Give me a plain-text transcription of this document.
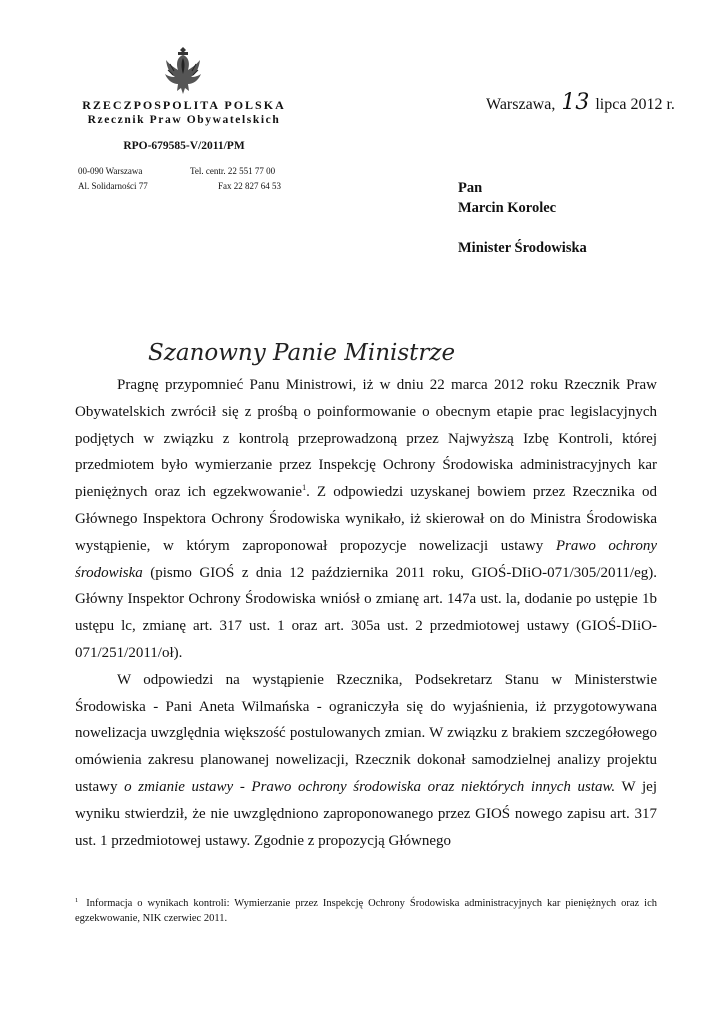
RZECZPOSPOLITA POLSKA
Rzecznik Praw Obywatelskich
RPO-679585-V/2011/PM
00-090 Warszawa
Al. Solidarności 77
Tel. centr. 22 551 77 00
Fax 22 827 64 53
Warszawa, 13 lipca 2012 r.
Pan
Marcin Korolec
Minister Środowiska
Szanowny Panie Ministrze

Pragnę przypomnieć Panu Ministrowi, iż w dniu 22 marca 2012 roku Rzecznik Praw Obywatelskich zwrócił się z prośbą o poinformowanie o obecnym etapie prac legislacyjnych podjętych w związku z kontrolą przeprowadzoną przez Najwyższą Izbę Kontroli, której przedmiotem było wymierzanie przez Inspekcję Ochrony Środowiska administracyjnych kar pieniężnych oraz ich egzekwowanie$^1$. Z odpowiedzi uzyskanej bowiem przez Rzecznika od Głównego Inspektora Ochrony Środowiska wynikało, iż skierował on do Ministra Środowiska wystąpienie, w którym zaproponował propozycje nowelizacji ustawy Prawo ochrony środowiska (pismo GIOŚ z dnia 12 października 2011 roku, GIOŚ-DIiO-071/305/2011/eg). Główny Inspektor Ochrony Środowiska wniósł o zmianę art. 147a ust. la, dodanie po ustępie 1b ustępu lc, zmianę art. 317 ust. 1 oraz art. 305a ust. 2 przedmiotowej ustawy (GIOŚ-DIiO-071/251/2011/oł).

W odpowiedzi na wystąpienie Rzecznika, Podsekretarz Stanu w Ministerstwie Środowiska - Pani Aneta Wilmańska - ograniczyła się do wyjaśnienia, iż przygotowywana nowelizacja uwzględnia większość postulowanych zmian. W związku z brakiem szczegółowego omówienia zakresu planowanej nowelizacji, Rzecznik dokonał samodzielnej analizy projektu ustawy o zmianie ustawy - Prawo ochrony środowiska oraz niektórych innych ustaw. W jej wyniku stwierdził, że nie uwzględniono zaproponowanego przez GIOŚ nowego zapisu art. 317 ust. 1 przedmiotowej ustawy. Zgodnie z propozycją Głównego

$^1$ Informacja o wynikach kontroli: Wymierzanie przez Inspekcję Ochrony Środowiska administracyjnych kar pieniężnych oraz ich egzekwowanie, NIK czerwiec 2011.
